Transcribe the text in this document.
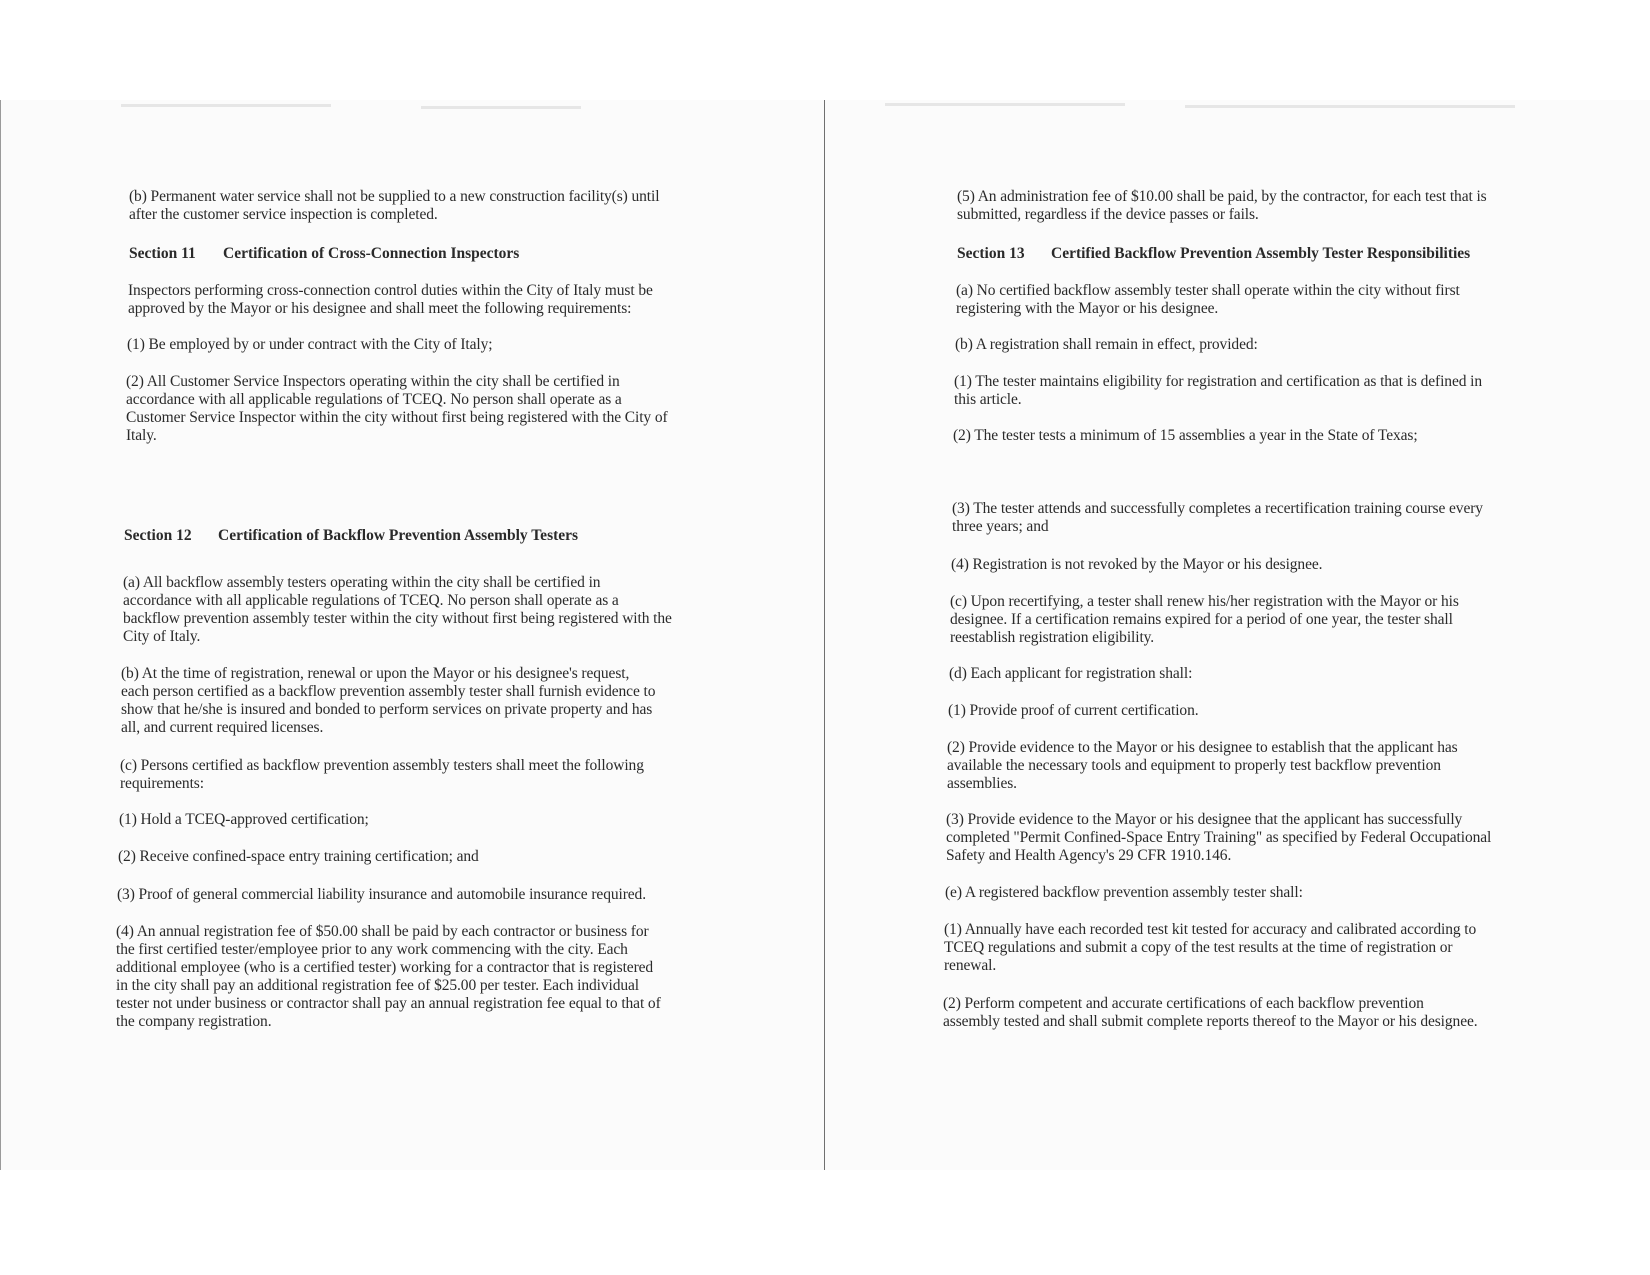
(b) Permanent water service shall not be supplied to a new construction facility(s) until
after the customer service inspection is completed.

Section 11 Certification of Cross-Connection Inspectors

Inspectors performing cross-connection control duties within the City of Italy must be
approved by the Mayor or his designee and shall meet the following requirements:

(1) Be employed by or under contract with the City of Italy;

(2) All Customer Service Inspectors operating within the city shall be certified in
accordance with all applicable regulations of TCEQ. No person shall operate as a
Customer Service Inspector within the city without first being registered with the City of
Italy.

Section 12 Certification of Backflow Prevention Assembly Testers

(a) All backflow assembly testers operating within the city shall be certified in
accordance with all applicable regulations of TCEQ. No person shall operate as a
backflow prevention assembly tester within the city without first being registered with the
City of Italy.

(b) At the time of registration, renewal or upon the Mayor or his designee's request,
each person certified as a backflow prevention assembly tester shall furnish evidence to
show that he/she is insured and bonded to perform services on private property and has
all, and current required licenses.

(c) Persons certified as backflow prevention assembly testers shall meet the following
requirements:

(1) Hold a TCEQ-approved certification;

(2) Receive confined-space entry training certification; and

(3) Proof of general commercial liability insurance and automobile insurance required.

(4) An annual registration fee of $50.00 shall be paid by each contractor or business for
the first certified tester/employee prior to any work commencing with the city. Each
additional employee (who is a certified tester) working for a contractor that is registered
in the city shall pay an additional registration fee of $25.00 per tester. Each individual
tester not under business or contractor shall pay an annual registration fee equal to that of
the company registration.

(5) An administration fee of $10.00 shall be paid, by the contractor, for each test that is
submitted, regardless if the device passes or fails.

Section 13 Certified Backflow Prevention Assembly Tester Responsibilities

(a) No certified backflow assembly tester shall operate within the city without first
registering with the Mayor or his designee.

(b) A registration shall remain in effect, provided:

(1) The tester maintains eligibility for registration and certification as that is defined in
this article.

(2) The tester tests a minimum of 15 assemblies a year in the State of Texas;

(3) The tester attends and successfully completes a recertification training course every
three years; and

(4) Registration is not revoked by the Mayor or his designee.

(c) Upon recertifying, a tester shall renew his/her registration with the Mayor or his
designee. If a certification remains expired for a period of one year, the tester shall
reestablish registration eligibility.

(d) Each applicant for registration shall:

(1) Provide proof of current certification.

(2) Provide evidence to the Mayor or his designee to establish that the applicant has
available the necessary tools and equipment to properly test backflow prevention
assemblies.

(3) Provide evidence to the Mayor or his designee that the applicant has successfully
completed "Permit Confined-Space Entry Training" as specified by Federal Occupational
Safety and Health Agency's 29 CFR 1910.146.

(e) A registered backflow prevention assembly tester shall:

(1) Annually have each recorded test kit tested for accuracy and calibrated according to
TCEQ regulations and submit a copy of the test results at the time of registration or
renewal.

(2) Perform competent and accurate certifications of each backflow prevention
assembly tested and shall submit complete reports thereof to the Mayor or his designee.
